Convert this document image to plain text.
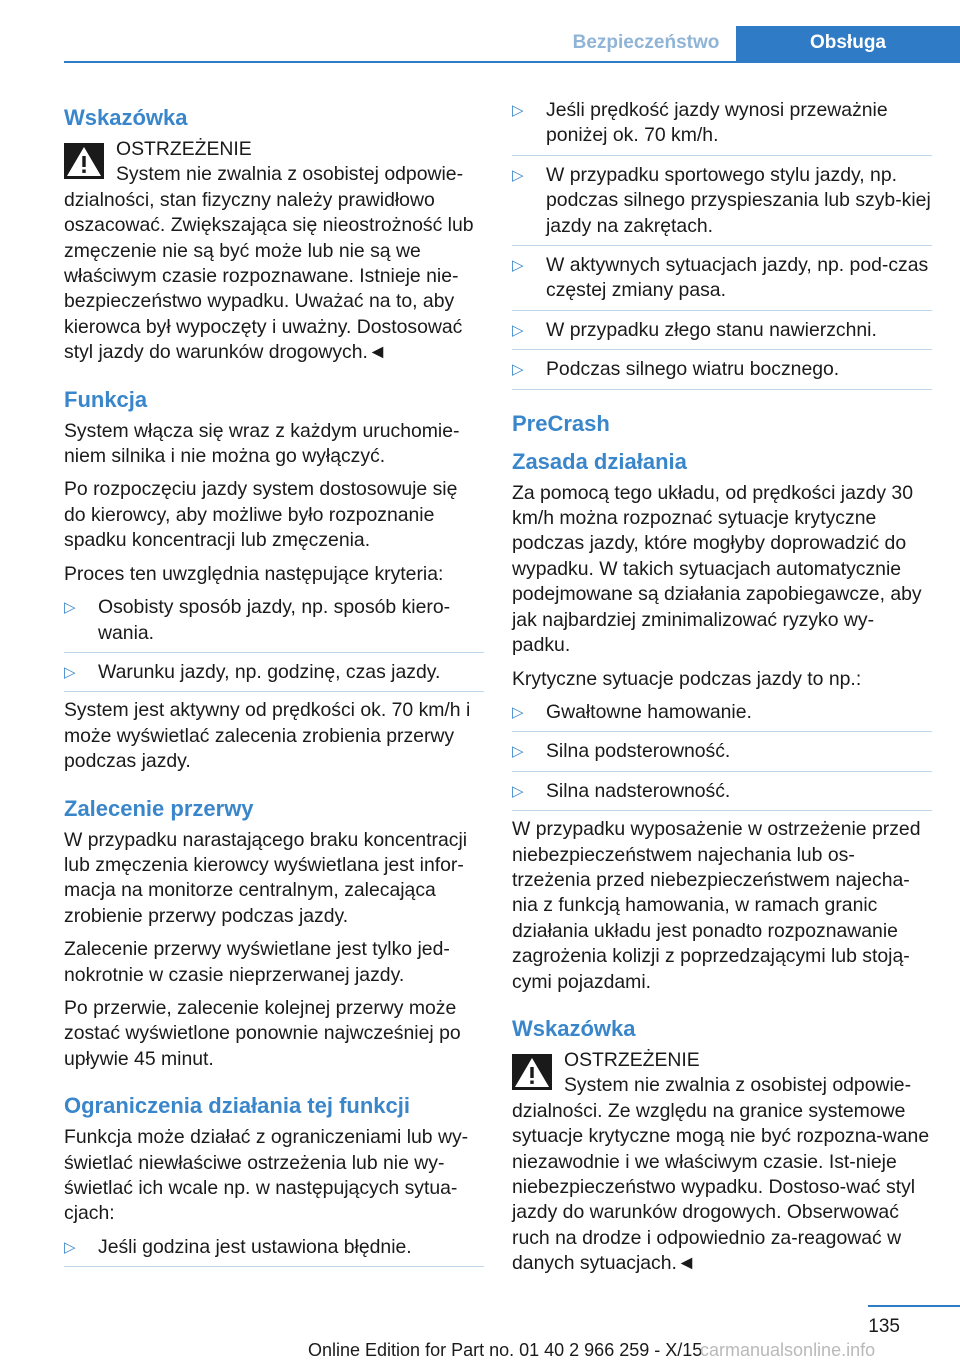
Bezpieczeństwo	Obsługa
Wskazówka
OSTRZEŻENIE
System nie zwalnia z osobistej odpowie‐dzialności, stan fizyczny należy prawidłowo oszacować. Zwiększająca się nieostrożność lub zmęczenie nie są być może lub nie są we właściwym czasie rozpoznawane. Istnieje nie‐bezpieczeństwo wypadku. Uważać na to, aby kierowca był wypoczęty i uważny. Dostosować styl jazdy do warunków drogowych.◄
Funkcja

System włącza się wraz z każdym uruchomie‐niem silnika i nie można go wyłączyć.

Po rozpoczęciu jazdy system dostosowuje się do kierowcy, aby możliwe było rozpoznanie spadku koncentracji lub zmęczenia.

Proces ten uwzględnia następujące kryteria:

▷ Osobisty sposób jazdy, np. sposób kiero‐wania.
▷ Warunku jazdy, np. godzinę, czas jazdy.

System jest aktywny od prędkości ok. 70 km/h i może wyświetlać zalecenia zrobienia przerwy podczas jazdy.

Zalecenie przerwy

W przypadku narastającego braku koncentracji lub zmęczenia kierowcy wyświetlana jest infor‐macja na monitorze centralnym, zalecająca zrobienie przerwy podczas jazdy.

Zalecenie przerwy wyświetlane jest tylko jed‐nokrotnie w czasie nieprzerwanej jazdy.

Po przerwie, zalecenie kolejnej przerwy może zostać wyświetlone ponownie najwcześniej po upływie 45 minut.

Ograniczenia działania tej funkcji

Funkcja może działać z ograniczeniami lub wy‐świetlać niewłaściwe ostrzeżenia lub nie wy‐świetlać ich wcale np. w następujących sytua‐cjach:

▷ Jeśli godzina jest ustawiona błędnie.
▷ Jeśli prędkość jazdy wynosi przeważnie poniżej ok. 70 km/h.
▷ W przypadku sportowego stylu jazdy, np. podczas silnego przyspieszania lub szyb‐kiej jazdy na zakrętach.
▷ W aktywnych sytuacjach jazdy, np. pod‐czas częstej zmiany pasa.
▷ W przypadku złego stanu nawierzchni.
▷ Podczas silnego wiatru bocznego.
PreCrash
Zasada działania

Za pomocą tego układu, od prędkości jazdy 30 km/h można rozpoznać sytuacje krytyczne podczas jazdy, które mogłyby doprowadzić do wypadku. W takich sytuacjach automatycznie podejmowane są działania zapobiegawcze, aby jak najbardziej zminimalizować ryzyko wy‐padku.

Krytyczne sytuacje podczas jazdy to np.:

▷ Gwałtowne hamowanie.
▷ Silna podsterowność.
▷ Silna nadsterowność.

W przypadku wyposażenie w ostrzeżenie przed niebezpieczeństwem najechania lub os‐trzeżenia przed niebezpieczeństwem najecha‐nia z funkcją hamowania, w ramach granic działania układu jest ponadto rozpoznawanie zagrożenia kolizji z poprzedzającymi lub stoją‐cymi pojazdami.

Wskazówka
OSTRZEŻENIE
System nie zwalnia z osobistej odpowie‐dzialności. Ze względu na granice systemowe sytuacje krytyczne mogą nie być rozpozna‐wane niezawodnie i we właściwym czasie. Ist‐nieje niebezpieczeństwo wypadku. Dostoso‐wać styl jazdy do warunków drogowych. Obserwować ruch na drodze i odpowiednio za‐reagować w danych sytuacjach.◄
135
Online Edition for Part no. 01 40 2 966 259 - X/15
carmanualsonline.info
